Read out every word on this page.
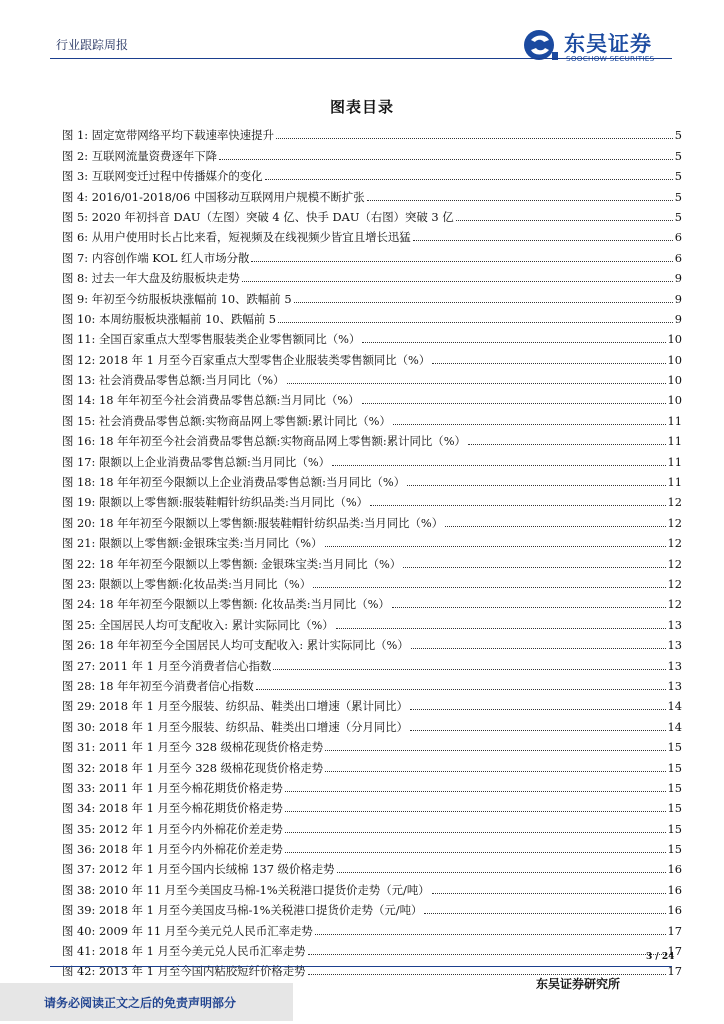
行业跟踪周报	东吴证券
SOOCHOW SECURITIES
图表目录
图 1: 固定宽带网络平均下载速率快速提升	5
图 2: 互联网流量资费逐年下降	5
图 3: 互联网变迁过程中传播媒介的变化	5
图 4: 2016/01-2018/06 中国移动互联网用户规模不断扩张	5
图 5: 2020 年初抖音 DAU（左图）突破 4 亿、快手 DAU（右图）突破 3 亿	5
图 6: 从用户使用时长占比来看，短视频及在线视频少皆宜且增长迅猛	6
图 7: 内容创作端 KOL 红人市场分散	6
图 8: 过去一年大盘及纺服板块走势	9
图 9: 年初至今纺服板块涨幅前 10、跌幅前 5	9
图 10: 本周纺服板块涨幅前 10、跌幅前 5	9
图 11: 全国百家重点大型零售服装类企业零售额同比（%）	10
图 12: 2018 年 1 月至今百家重点大型零售企业服装类零售额同比（%）	10
图 13: 社会消费品零售总额:当月同比（%）	10
图 14: 18 年年初至今社会消费品零售总额:当月同比（%）	10
图 15: 社会消费品零售总额:实物商品网上零售额:累计同比（%）	11
图 16: 18 年年初至今社会消费品零售总额:实物商品网上零售额:累计同比（%）	11
图 17: 限额以上企业消费品零售总额:当月同比（%）	11
图 18: 18 年年初至今限额以上企业消费品零售总额:当月同比（%）	11
图 19: 限额以上零售额:服装鞋帽针纺织品类:当月同比（%）	12
图 20: 18 年年初至今限额以上零售额:服装鞋帽针纺织品类:当月同比（%）	12
图 21: 限额以上零售额:金银珠宝类:当月同比（%）	12
图 22: 18 年年初至今限额以上零售额: 金银珠宝类:当月同比（%）	12
图 23: 限额以上零售额:化妆品类:当月同比（%）	12
图 24: 18 年年初至今限额以上零售额: 化妆品类:当月同比（%）	12
图 25: 全国居民人均可支配收入: 累计实际同比（%）	13
图 26: 18 年年初至今全国居民人均可支配收入: 累计实际同比（%）	13
图 27: 2011 年 1 月至今消费者信心指数	13
图 28: 18 年年初至今消费者信心指数	13
图 29: 2018 年 1 月至今服装、纺织品、鞋类出口增速（累计同比）	14
图 30: 2018 年 1 月至今服装、纺织品、鞋类出口增速（分月同比）	14
图 31: 2011 年 1 月至今 328 级棉花现货价格走势	15
图 32: 2018 年 1 月至今 328 级棉花现货价格走势	15
图 33: 2011 年 1 月至今棉花期货价格走势	15
图 34: 2018 年 1 月至今棉花期货价格走势	15
图 35: 2012 年 1 月至今内外棉花价差走势	15
图 36: 2018 年 1 月至今内外棉花价差走势	15
图 37: 2012 年 1 月至今国内长绒棉 137 级价格走势	16
图 38: 2010 年 11 月至今美国皮马棉-1%关税港口提货价走势（元/吨）	16
图 39: 2018 年 1 月至今美国皮马棉-1%关税港口提货价走势（元/吨）	16
图 40: 2009 年 11 月至今美元兑人民币汇率走势	17
图 41: 2018 年 1 月至今美元兑人民币汇率走势	17
图 42: 2013 年 1 月至今国内粘胶短纤价格走势	17
3 / 24
东吴证券研究所
请务必阅读正文之后的免责声明部分
